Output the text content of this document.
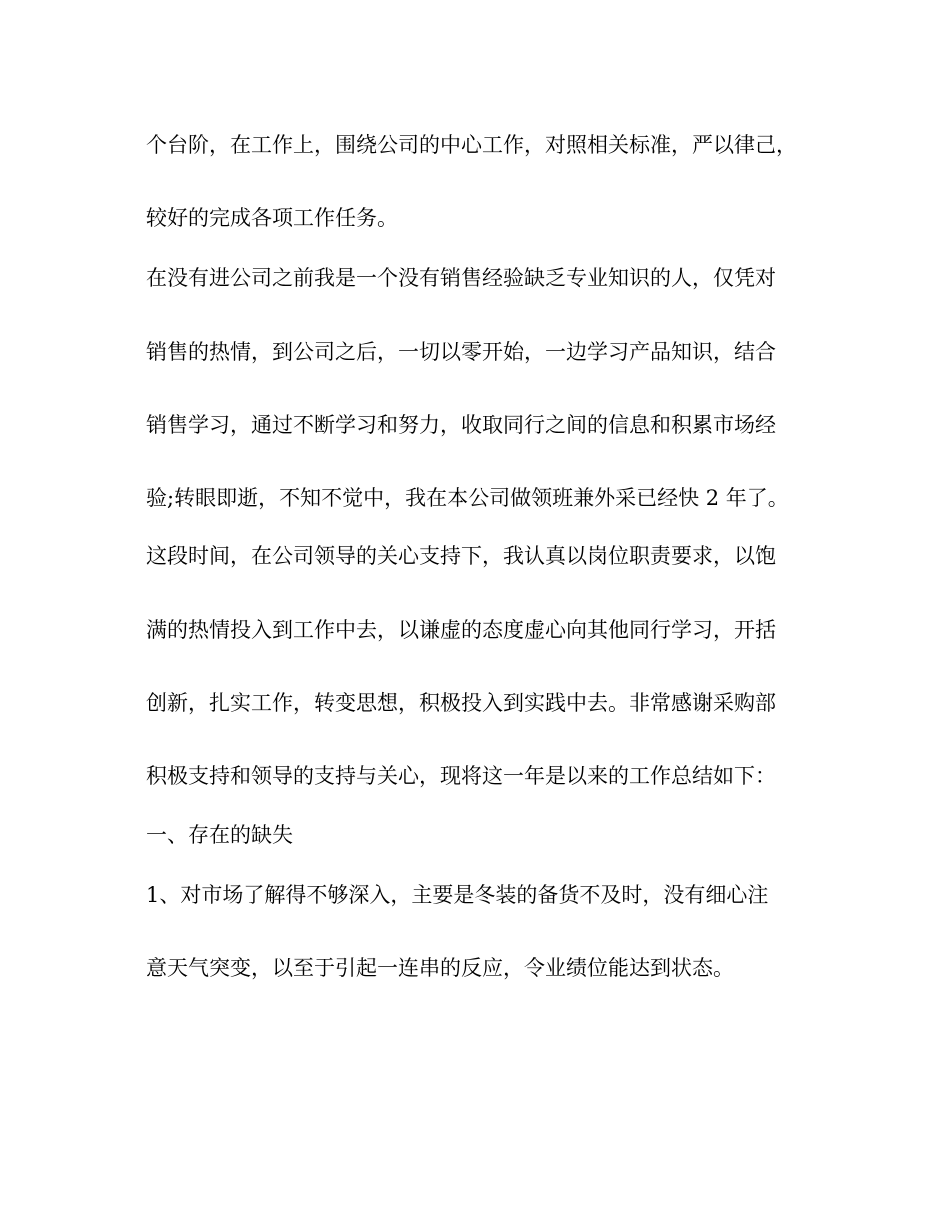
个台阶，在工作上，围绕公司的中心工作，对照相关标准，严以律己，
较好的完成各项工作任务。
在没有进公司之前我是一个没有销售经验缺乏专业知识的人，仅凭对
销售的热情，到公司之后，一切以零开始，一边学习产品知识，结合
销售学习，通过不断学习和努力，收取同行之间的信息和积累市场经
验;转眼即逝，不知不觉中，我在本公司做领班兼外采已经快 2 年了。
这段时间，在公司领导的关心支持下，我认真以岗位职责要求，以饱
满的热情投入到工作中去，以谦虚的态度虚心向其他同行学习，开括
创新，扎实工作，转变思想，积极投入到实践中去。非常感谢采购部
积极支持和领导的支持与关心，现将这一年是以来的工作总结如下：
一、存在的缺失
1、对市场了解得不够深入，主要是冬装的备货不及时，没有细心注
意天气突变，以至于引起一连串的反应，令业绩位能达到状态。
